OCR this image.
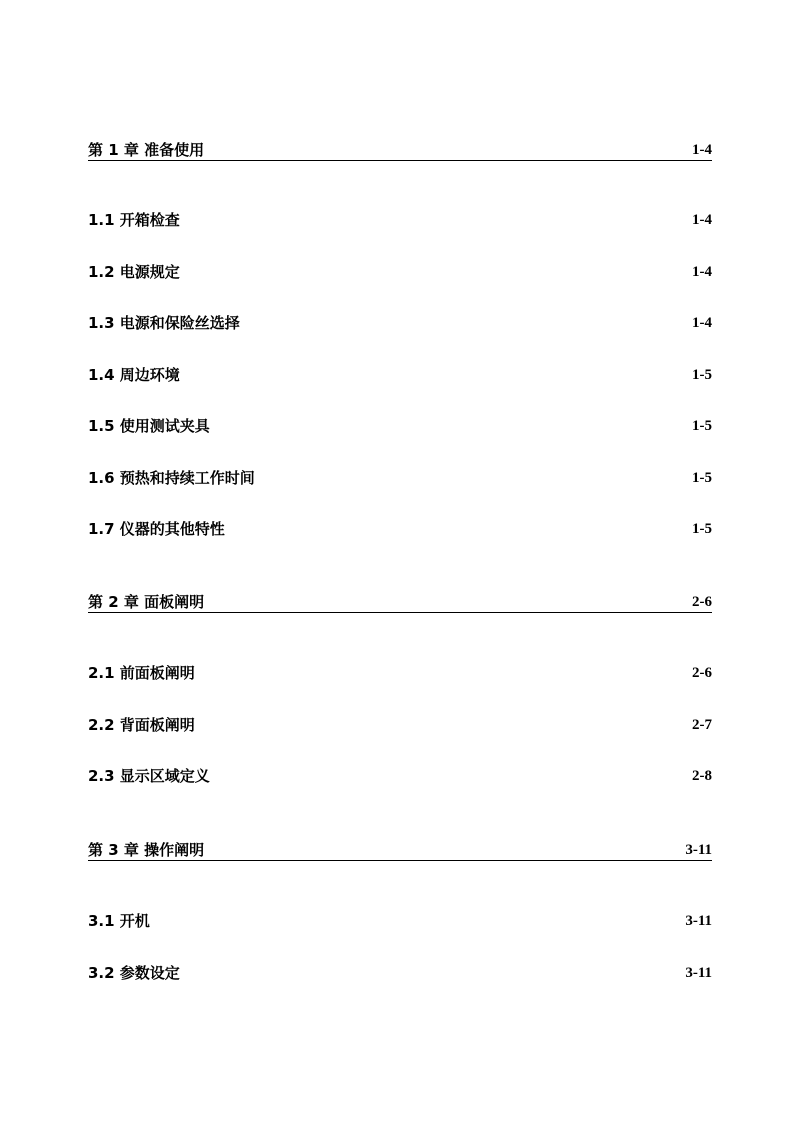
第 1 章 准备使用	1-4
1.1 开箱检查	1-4
1.2 电源规定	1-4
1.3 电源和保险丝选择	1-4
1.4 周边环境	1-5
1.5 使用测试夹具	1-5
1.6 预热和持续工作时间	1-5
1.7 仪器的其他特性	1-5
第 2 章 面板阐明	2-6
2.1 前面板阐明	2-6
2.2 背面板阐明	2-7
2.3 显示区域定义	2-8
第 3 章 操作阐明	3-11
3.1 开机	3-11
3.2 参数设定	3-11
